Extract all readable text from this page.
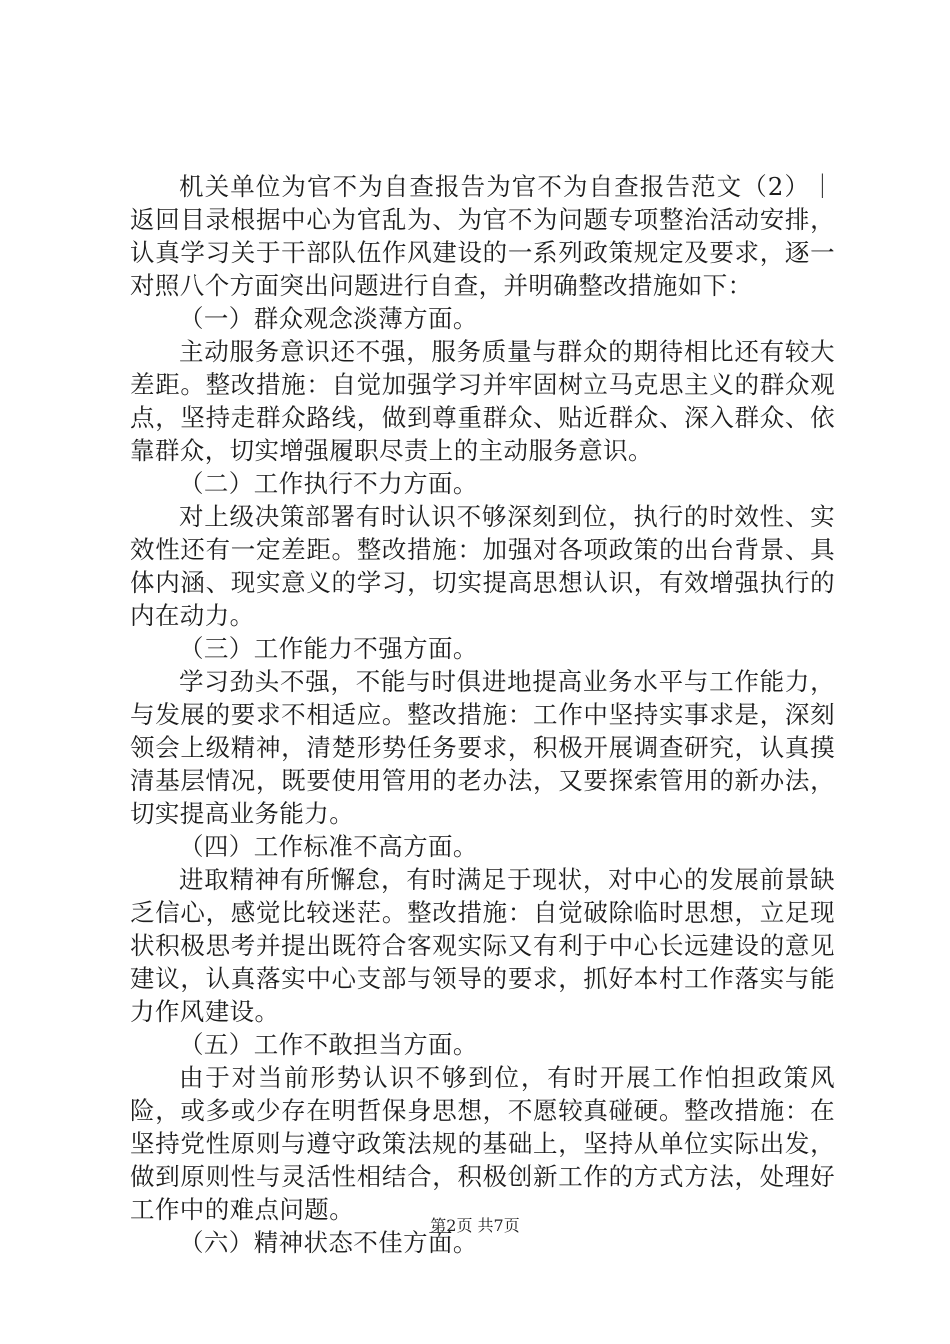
机关单位为官不为自查报告为官不为自查报告范文（2）｜返回目录根据中心为官乱为、为官不为问题专项整治活动安排，认真学习关于干部队伍作风建设的一系列政策规定及要求，逐一对照八个方面突出问题进行自查，并明确整改措施如下：

（一）群众观念淡薄方面。

主动服务意识还不强，服务质量与群众的期待相比还有较大差距。整改措施：自觉加强学习并牢固树立马克思主义的群众观点，坚持走群众路线，做到尊重群众、贴近群众、深入群众、依靠群众，切实增强履职尽责上的主动服务意识。

（二）工作执行不力方面。

对上级决策部署有时认识不够深刻到位，执行的时效性、实效性还有一定差距。整改措施：加强对各项政策的出台背景、具体内涵、现实意义的学习，切实提高思想认识，有效增强执行的内在动力。

（三）工作能力不强方面。

学习劲头不强，不能与时俱进地提高业务水平与工作能力，与发展的要求不相适应。整改措施：工作中坚持实事求是，深刻领会上级精神，清楚形势任务要求，积极开展调查研究，认真摸清基层情况，既要使用管用的老办法，又要探索管用的新办法，切实提高业务能力。

（四）工作标准不高方面。

进取精神有所懈怠，有时满足于现状，对中心的发展前景缺乏信心，感觉比较迷茫。整改措施：自觉破除临时思想，立足现状积极思考并提出既符合客观实际又有利于中心长远建设的意见建议，认真落实中心支部与领导的要求，抓好本村工作落实与能力作风建设。

（五）工作不敢担当方面。

由于对当前形势认识不够到位，有时开展工作怕担政策风险，或多或少存在明哲保身思想，不愿较真碰硬。整改措施：在坚持党性原则与遵守政策法规的基础上，坚持从单位实际出发，做到原则性与灵活性相结合，积极创新工作的方式方法，处理好工作中的难点问题。

（六）精神状态不佳方面。

第2页 共7页
